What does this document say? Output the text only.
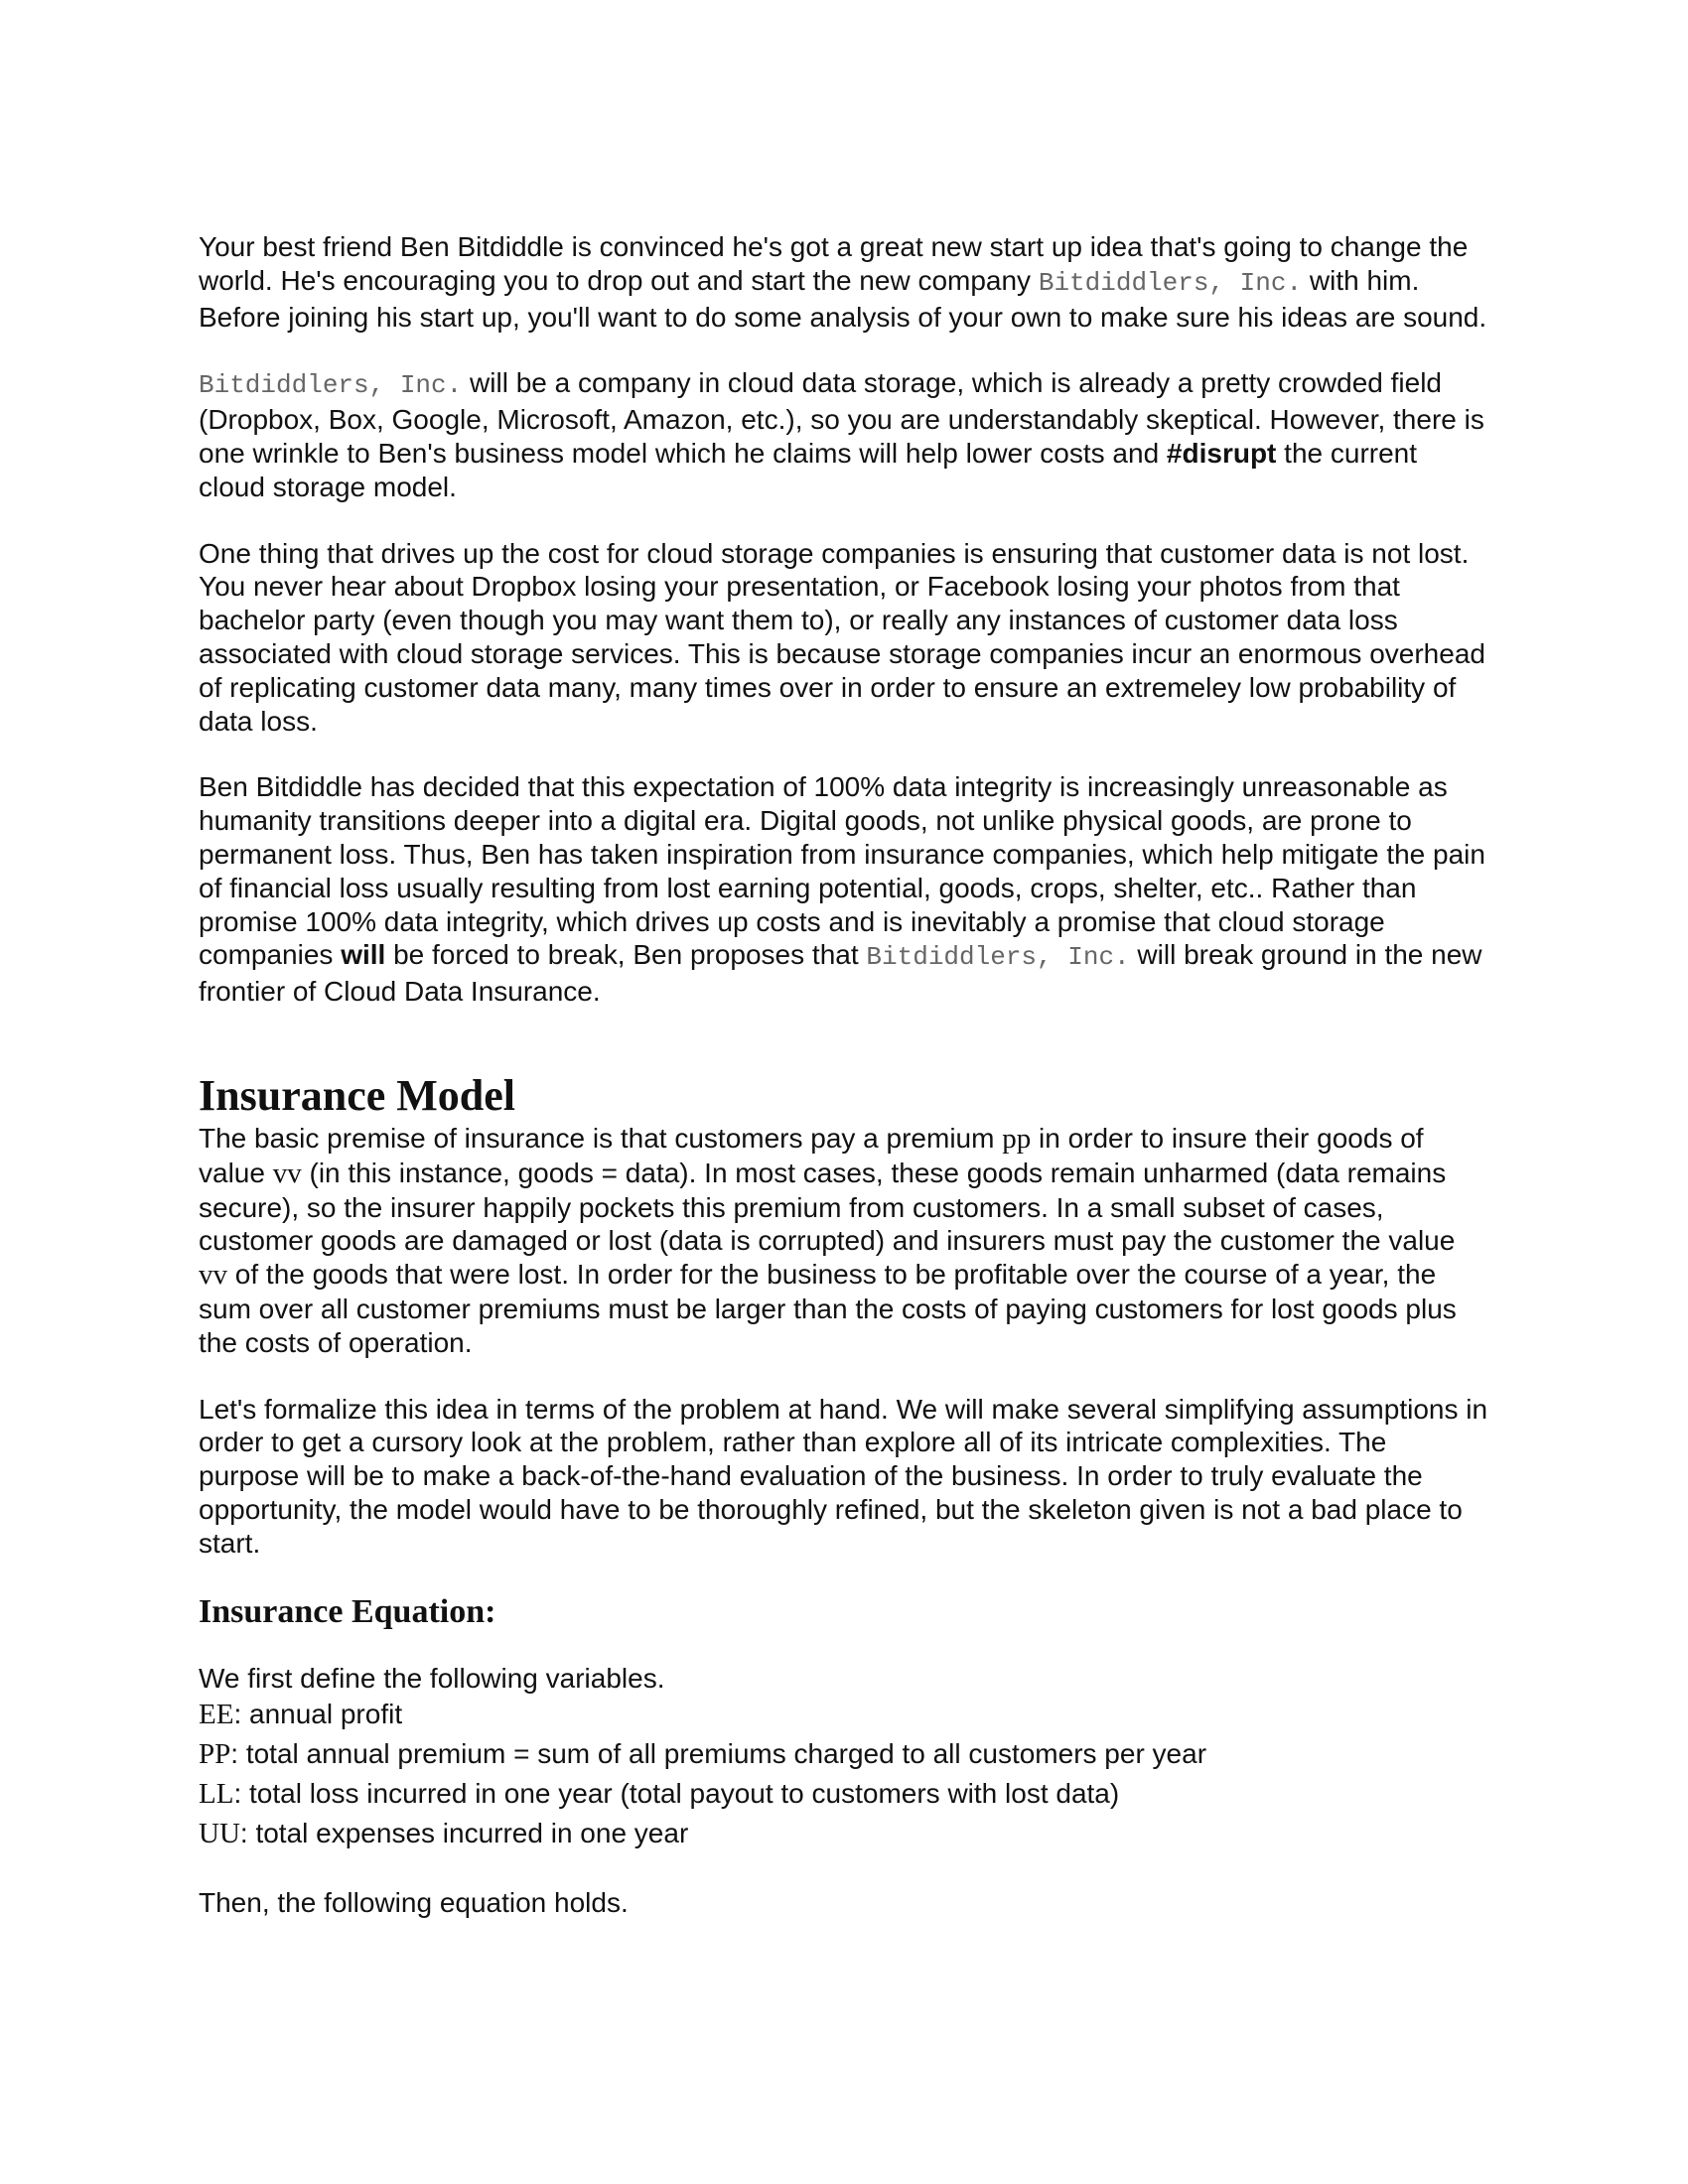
Your best friend Ben Bitdiddle is convinced he's got a great new start up idea that's going to change the world. He's encouraging you to drop out and start the new company Bitdiddlers, Inc. with him. Before joining his start up, you'll want to do some analysis of your own to make sure his ideas are sound.

Bitdiddlers, Inc. will be a company in cloud data storage, which is already a pretty crowded field (Dropbox, Box, Google, Microsoft, Amazon, etc.), so you are understandably skeptical. However, there is one wrinkle to Ben's business model which he claims will help lower costs and #disrupt the current cloud storage model.

One thing that drives up the cost for cloud storage companies is ensuring that customer data is not lost. You never hear about Dropbox losing your presentation, or Facebook losing your photos from that bachelor party (even though you may want them to), or really any instances of customer data loss associated with cloud storage services. This is because storage companies incur an enormous overhead of replicating customer data many, many times over in order to ensure an extremeley low probability of data loss.

Ben Bitdiddle has decided that this expectation of 100% data integrity is increasingly unreasonable as humanity transitions deeper into a digital era. Digital goods, not unlike physical goods, are prone to permanent loss. Thus, Ben has taken inspiration from insurance companies, which help mitigate the pain of financial loss usually resulting from lost earning potential, goods, crops, shelter, etc.. Rather than promise 100% data integrity, which drives up costs and is inevitably a promise that cloud storage companies will be forced to break, Ben proposes that Bitdiddlers, Inc. will break ground in the new frontier of Cloud Data Insurance.

Insurance Model

The basic premise of insurance is that customers pay a premium pp in order to insure their goods of value vv (in this instance, goods = data). In most cases, these goods remain unharmed (data remains secure), so the insurer happily pockets this premium from customers. In a small subset of cases, customer goods are damaged or lost (data is corrupted) and insurers must pay the customer the value vv of the goods that were lost. In order for the business to be profitable over the course of a year, the sum over all customer premiums must be larger than the costs of paying customers for lost goods plus the costs of operation.

Let's formalize this idea in terms of the problem at hand. We will make several simplifying assumptions in order to get a cursory look at the problem, rather than explore all of its intricate complexities. The purpose will be to make a back-of-the-hand evaluation of the business. In order to truly evaluate the opportunity, the model would have to be thoroughly refined, but the skeleton given is not a bad place to start.

Insurance Equation:

We first define the following variables.

EE: annual profit

PP: total annual premium = sum of all premiums charged to all customers per year

LL: total loss incurred in one year (total payout to customers with lost data)

UU: total expenses incurred in one year

Then, the following equation holds.
